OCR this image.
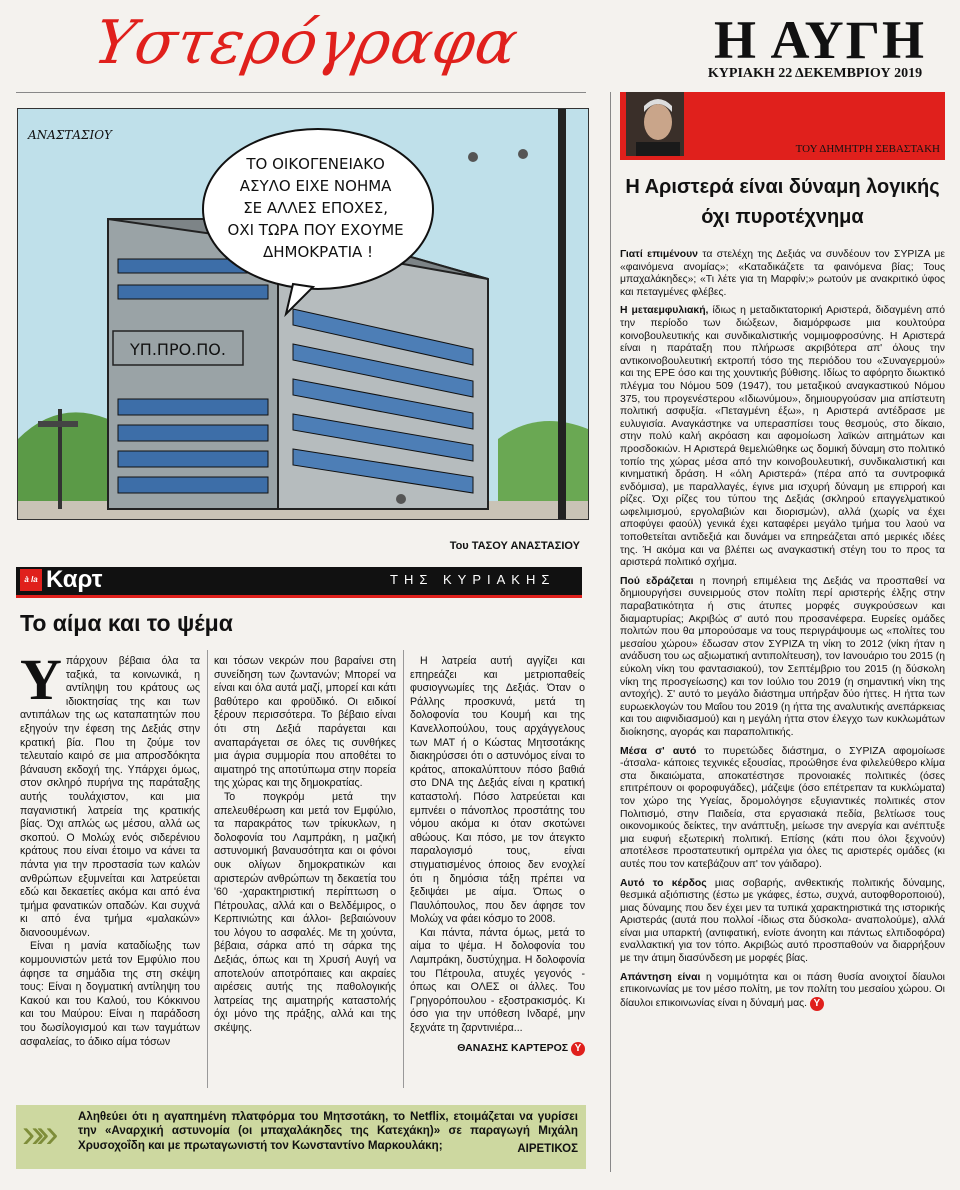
Υστερόγραφα	Η ΑΥΓΗ
ΚΥΡΙΑΚΗ 22 ΔΕΚΕΜΒΡΙΟΥ 2019
ΥΠ.ΠΡΟ.ΠΟ.
ΤΟ ΟΙΚΟΓΕΝΕΙΑΚΟ ΑΣΥΛΟ ΕΙΧΕ ΝΟΗΜΑ ΣΕ ΑΛΛΕΣ ΕΠΟΧΕΣ, ΟΧΙ ΤΩΡΑ ΠΟΥ ΕΧΟΥΜΕ ΔΗΜΟΚΡΑΤΙΑ !
ΑΝΑΣΤΑΣΙΟΥ
Του ΤΑΣΟΥ ΑΝΑΣΤΑΣΙΟΥ
à la Καρτ	ΤΗΣ ΚΥΡΙΑΚΗΣ
Το αίμα και το ψέμα

Υπάρχουν βέβαια όλα τα ταξικά, τα κοινωνικά, η αντίληψη του κράτους ως ιδιοκτησίας της και των αντιπάλων της ως καταπατητών που εξηγούν την έφεση της Δεξιάς στην κρατική βία. Που τη ζούμε τον τελευταίο καιρό σε μια απροσδόκητα βάναυση εκδοχή της. Υπάρχει όμως, στον σκληρό πυρήνα της παράταξης αυτής τουλάχιστον, και μια παγανιστική λατρεία της κρατικής βίας. Όχι απλώς ως μέσου, αλλά ως σκοπού. Ο Μολώχ ενός σιδερένιου κράτους που είναι έτοιμο να κάνει τα πάντα για την προστασία των καλών ανθρώπων εξυμνείται και λατρεύεται εδώ και δεκαετίες ακόμα και από ένα τμήμα φανατικών οπαδών. Και συχνά κι από ένα τμήμα «μαλακών» διανοουμένων.

Είναι η μανία καταδίωξης των κομμουνιστών μετά τον Εμφύλιο που άφησε τα σημάδια της στη σκέψη τους: Είναι η δογματική αντίληψη του Κακού και του Καλού, του Κόκκινου και του Μαύρου: Είναι η παράδοση του δωσίλογισμού και των ταγμάτων ασφαλείας, το άδικο αίμα τόσων

και τόσων νεκρών που βαραίνει στη συνείδηση των ζωντανών; Μπορεί να είναι και όλα αυτά μαζί, μπορεί και κάτι βαθύτερο και φροϋδικό. Οι ειδικοί ξέρουν περισσότερα. Το βέβαιο είναι ότι στη Δεξιά παράγεται και αναπαράγεται σε όλες τις συνθήκες μια άγρια συμμορία που αποθέτει το αιματηρό της αποτύπωμα στην πορεία της χώρας και της δημοκρατίας.

Το πογκρόμ μετά την απελευθέρωση και μετά τον Εμφύλιο, τα παρακράτος των τρίκυκλων, η δολοφονία του Λαμπράκη, η μαζική αστυνομική βαναυσότητα και οι φόνοι ουκ ολίγων δημοκρατικών και αριστερών ανθρώπων τη δεκαετία του '60 -χαρακτηριστική περίπτωση ο Πέτρουλας, αλλά και ο Βελδέμιρος, ο Κερπινιώτης και άλλοι- βεβαιώνουν του λόγου το ασφαλές. Με τη χούντα, βέβαια, σάρκα από τη σάρκα της Δεξιάς, όπως και τη Χρυσή Αυγή να αποτελούν αποτρόπαιες και ακραίες αιρέσεις αυτής της παθολογικής λατρείας της αιματηρής καταστολής όχι μόνο της πράξης, αλλά και της σκέψης.

Η λατρεία αυτή αγγίζει και επηρεάζει και μετριοπαθείς φυσιογνωμίες της Δεξιάς. Όταν ο Ράλλης προσκυνά, μετά τη δολοφονία του Κουμή και της Κανελλοπούλου, τους αρχάγγελους των ΜΑΤ ή ο Κώστας Μητσοτάκης διακηρύσσει ότι ο αστυνόμος είναι το κράτος, αποκαλύπτουν πόσο βαθιά στο DNA της Δεξιάς είναι η κρατική καταστολή. Πόσο λατρεύεται και εμπνέει ο πάνοπλος προστάτης του νόμου ακόμα κι όταν σκοτώνει αθώους. Και πόσο, με τον άτεγκτο παραλογισμό τους, είναι στιγματισμένος όποιος δεν ενοχλεί ότι η δημόσια τάξη πρέπει να ξεδιψάει με αίμα. Όπως ο Παυλόπουλος, που δεν άφησε τον Μολώχ να φάει κόσμο το 2008.

Και πάντα, πάντα όμως, μετά το αίμα το ψέμα. Η δολοφονία του Λαμπράκη, δυστύχημα. Η δολοφονία του Πέτρουλα, ατυχές γεγονός - όπως και ΟΛΕΣ οι άλλες. Του Γρηγορόπουλου - εξοστρακισμός. Κι όσο για την υπόθεση Ινδαρέ, μην ξεχνάτε τη ζαρντινιέρα...

ΘΑΝΑΣΗΣ ΚΑΡΤΕΡΟΣ Υ
»» Αληθεύει ότι η αγαπημένη πλατφόρμα του Μητσοτάκη, το Netflix, ετοιμάζεται να γυρίσει την «Αναρχική αστυνομία (οι μπαχαλάκηδες της Κατεχάκη)» σε παραγωγή Μιχάλη Χρυσοχοΐδη και με πρωταγωνιστή τον Κωνσταντίνο Μαρκουλάκη;	ΑΙΡΕΤΙΚΟΣ
ΤΟΥ ΔΗΜΗΤΡΗ ΣΕΒΑΣΤΑΚΗ
Η Αριστερά είναι δύναμη λογικής όχι πυροτέχνημα

Γιατί επιμένουν τα στελέχη της Δεξιάς να συνδέουν τον ΣΥΡΙΖΑ με «φαινόμενα ανομίας»; «Καταδικάζετε τα φαινόμενα βίας; Τους μπαχαλάκηδες»; «Τι λέτε για τη Μαρφίν;» ρωτούν με ανακριτικό ύφος και πεταγμένες φλέβες.

Η μεταεμφυλιακή, ίδιως η μεταδικτατορική Αριστερά, διδαγμένη από την περίοδο των διώξεων, διαμόρφωσε μια κουλτούρα κοινοβουλευτικής και συνδικαλιστικής νομιμοφροσύνης. Η Αριστερά είναι η παράταξη που πλήρωσε ακριβότερα απ' όλους την αντικοινοβουλευτική εκτροπή τόσο της περιόδου του «Συναγερμού» και της ΕΡΕ όσο και της χουντικής βύθισης. Ιδίως το αφόρητο διωκτικό πλέγμα του Νόμου 509 (1947), του μεταξικού αναγκαστικού Νόμου 375, του προγενέστερου «Ιδιωνύμου», δημιουργούσαν μια απίστευτη πολιτική ασφυξία. «Πεταγμένη έξω», η Αριστερά αντέδρασε με ευλυγισία. Αναγκάστηκε να υπερασπίσει τους θεσμούς, στο δίκαιο, στην πολύ καλή ακρόαση και αφομοίωση λαϊκών αιτημάτων και προσδοκιών. Η Αριστερά θεμελιώθηκε ως δομική δύναμη στο πολιτικό τοπίο της χώρας μέσα από την κοινοβουλευτική, συνδικαλιστική και κινηματική δράση. Η «όλη Αριστερά» (πέρα από τα συντροφικά ενδόμισα), με παραλλαγές, έγινε μια ισχυρή δύναμη με επιρροή και ρίζες. Όχι ρίζες του τύπου της Δεξιάς (σκληρού επαγγελματικού ωφελιμισμού, εργολαβιών και διορισμών), αλλά (χωρίς να έχει αποφύγει φαούλ) γενικά έχει καταφέρει μεγάλο τμήμα του λαού να τοποθετείται αντιδεξιά και δυνάμει να επηρεάζεται από μερικές ιδέες της. Ή ακόμα και να βλέπει ως αναγκαστική στέγη του το προς τα αριστερά πολιτικό σχήμα.

Πού εδράζεται η πονηρή επιμέλεια της Δεξιάς να προσπαθεί να δημιουργήσει συνειρμούς στον πολίτη περί αριστερής έλξης στην παραβατικότητα ή στις άτυπες μορφές συγκρούσεων και διαμαρτυρίας; Ακριβώς σ' αυτό που προσανέφερα. Ευρείες ομάδες πολιτών που θα μπορούσαμε να τους περιγράψουμε ως «πολίτες του μεσαίου χώρου» έδωσαν στον ΣΥΡΙΖΑ τη νίκη το 2012 (νίκη ήταν η ανάδυση του ως αξιωματική αντιπολίτευση), τον Ιανουάριο του 2015 (η εύκολη νίκη του φαντασιακού), τον Σεπτέμβριο του 2015 (η δύσκολη νίκη της προσγείωσης) και τον Ιούλιο του 2019 (η σημαντική νίκη της αντοχής). Σ' αυτό το μεγάλο διάστημα υπήρξαν δύο ήττες. Η ήττα των ευρωεκλογών του Μαΐου του 2019 (η ήττα της αναλυτικής ανεπάρκειας και του αιφνιδιασμού) και η μεγάλη ήττα στον έλεγχο των κυκλωμάτων διοίκησης, αγοράς και παραπολιτικής.

Μέσα σ' αυτό το πυρετώδες διάστημα, ο ΣΥΡΙΖΑ αφομοίωσε -άτσαλα- κάποιες τεχνικές εξουσίας, προώθησε ένα φιλελεύθερο κλίμα στα δικαιώματα, αποκατέστησε προνοιακές πολιτικές (όσες επιτρέπουν οι φοροφυγάδες), μάζεψε (όσο επέτρεπαν τα κυκλώματα) τον χώρο της Υγείας, δρομολόγησε εξυγιαντικές πολιτικές στον Πολιτισμό, στην Παιδεία, στα εργασιακά πεδία, βελτίωσε τους οικονομικούς δείκτες, την ανάπτυξη, μείωσε την ανεργία και ανέπτυξε μια ευφυή εξωτερική πολιτική. Επίσης (κάτι που όλοι ξεχνούν) αποτέλεσε προστατευτική ομπρέλα για όλες τις αριστερές ομάδες (κι αυτές που τον κατεβάζουν απ' τον γάιδαρο).

Αυτό το κέρδος μιας σοβαρής, ανθεκτικής πολιτικής δύναμης, θεσμικά αξιόπιστης (έστω με γκάφες, έστω, συχνά, αυτοφθοροποιού), μιας δύναμης που δεν έχει μεν τα τυπικά χαρακτηριστικά της ιστορικής Αριστεράς (αυτά που πολλοί -ίδιως στα δύσκολα- αναπολούμε), αλλά είναι μια υπαρκτή (αντιφατική, ενίοτε άνοητη και πάντως ελπιδοφόρα) εναλλακτική για τον τόπο. Ακριβώς αυτό προσπαθούν να διαρρήξουν με την άτιμη διασύνδεση με μορφές βίας.

Απάντηση είναι η νομιμότητα και οι πάση θυσία ανοιχτοί δίαυλοι επικοινωνίας με τον μέσο πολίτη, με τον πολίτη του μεσαίου χώρου. Οι δίαυλοι επικοινωνίας είναι η δύναμή μας. Υ
